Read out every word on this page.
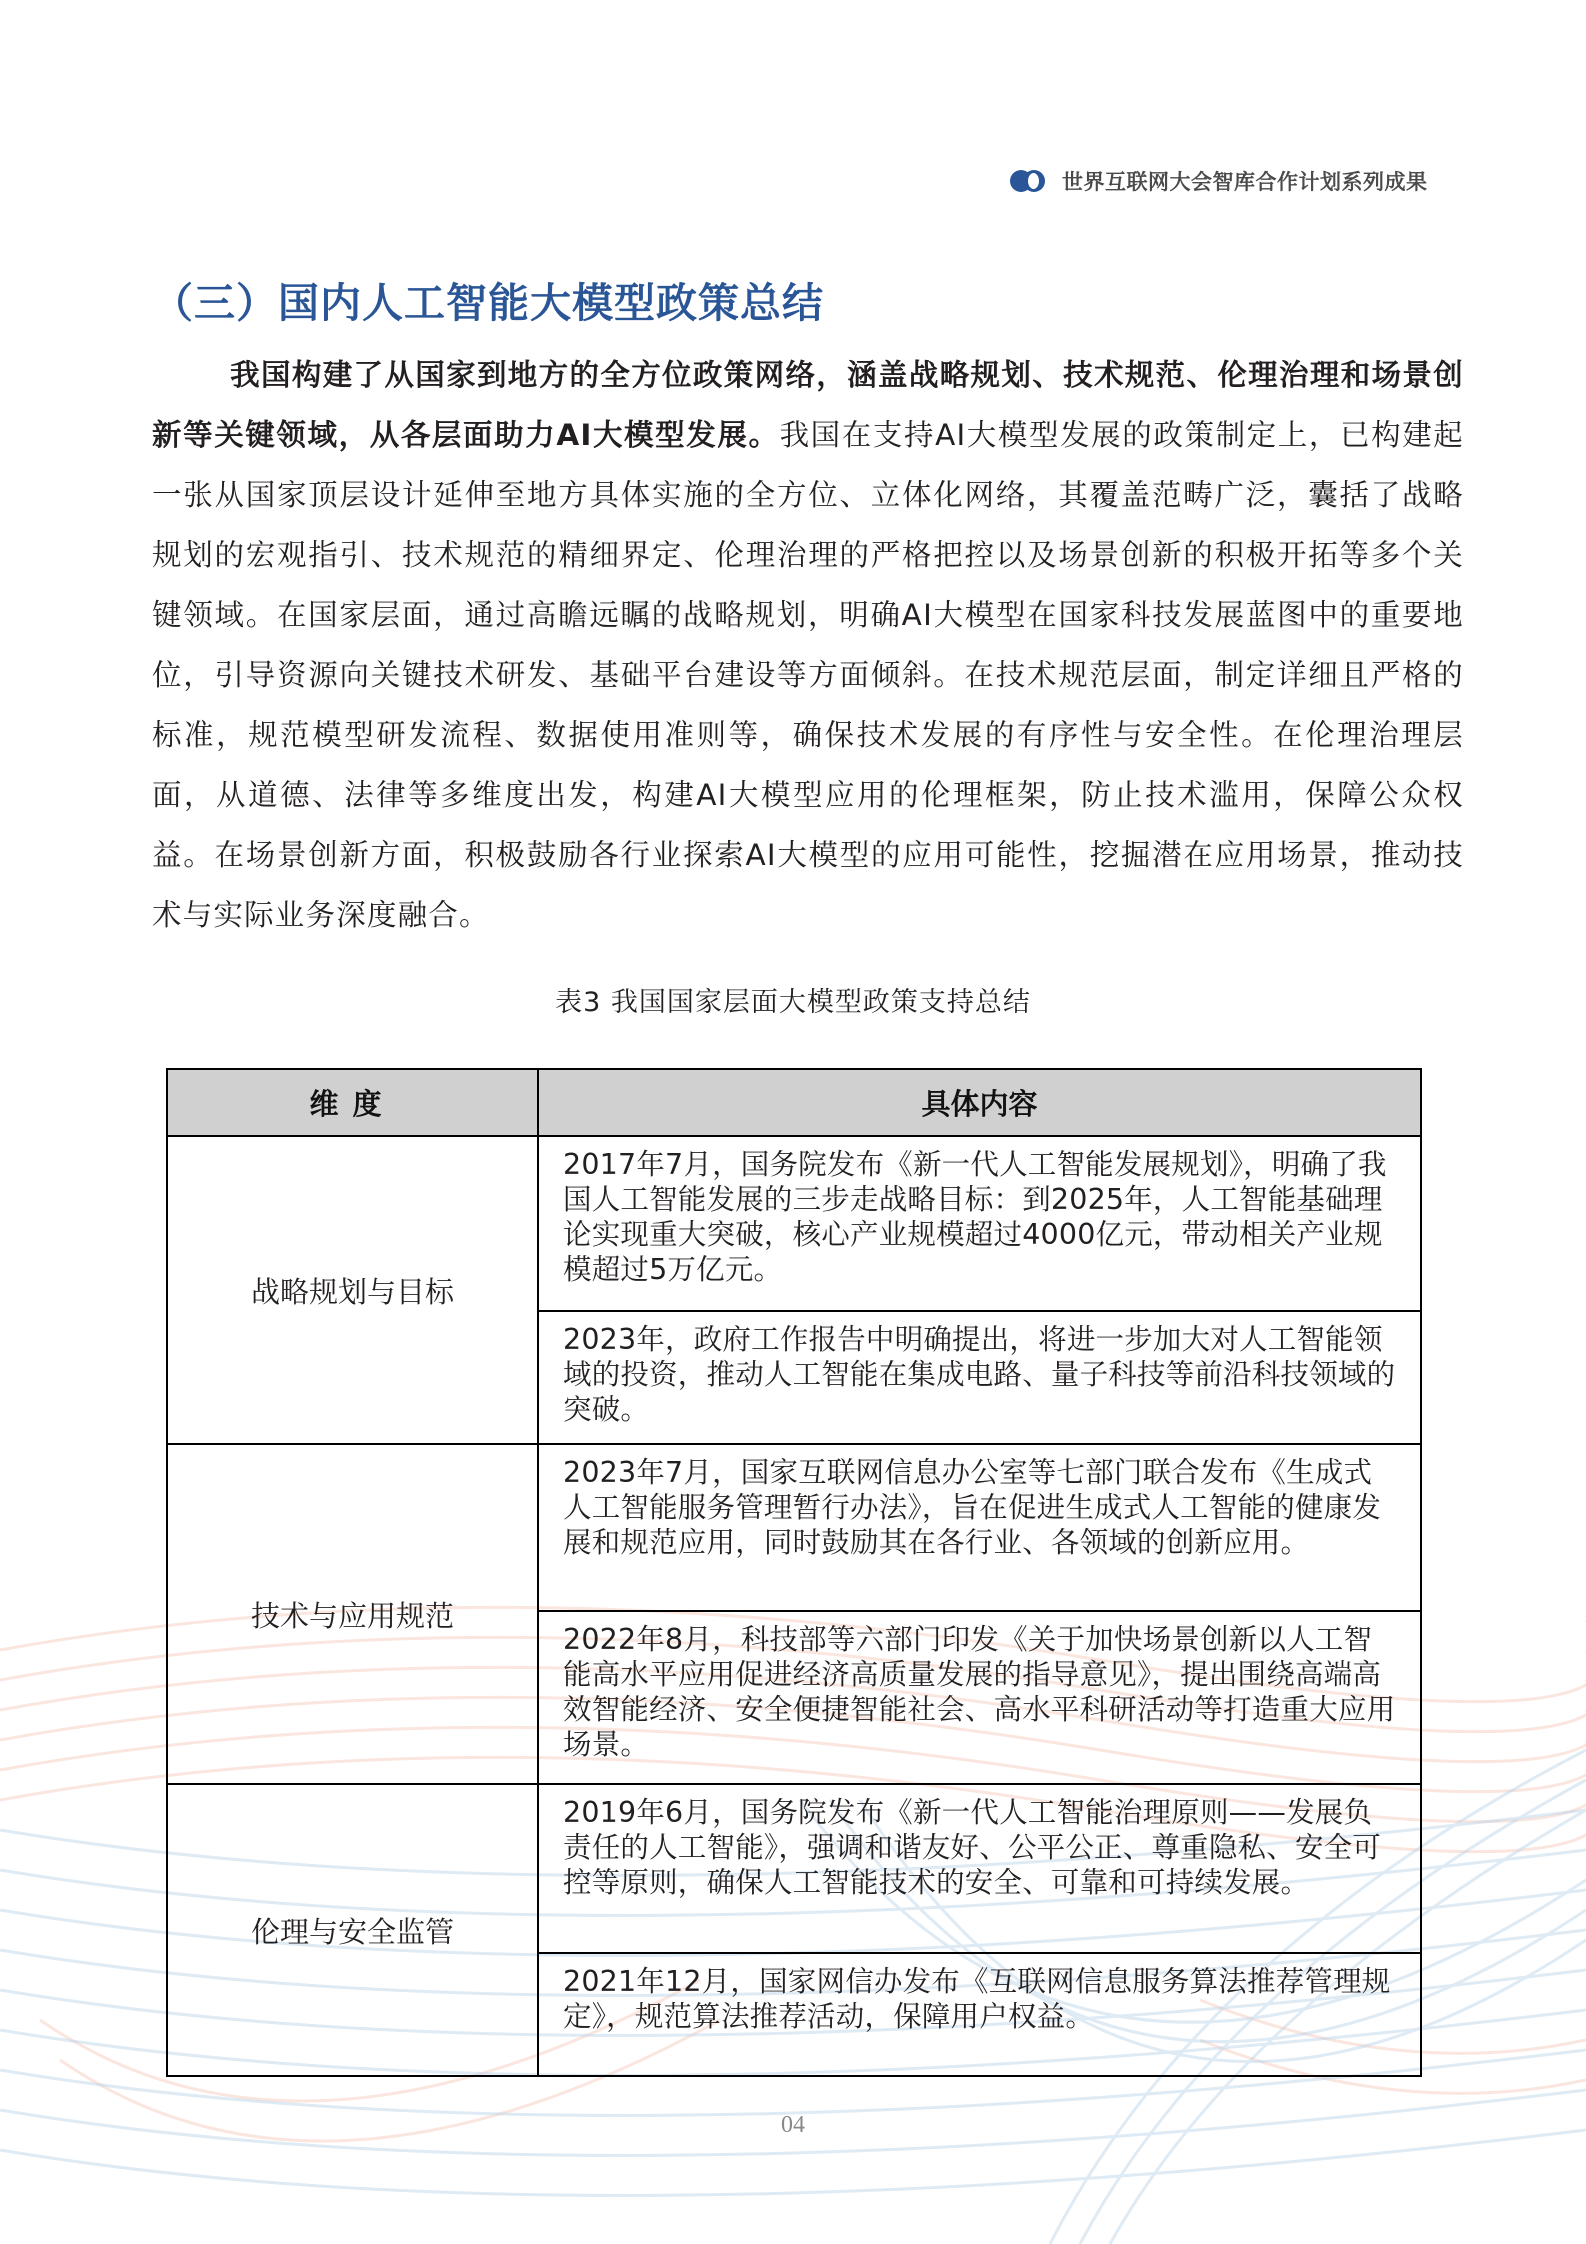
世界互联网大会智库合作计划系列成果
（三）国内人工智能大模型政策总结

我国构建了从国家到地方的全方位政策网络，涵盖战略规划、技术规范、伦理治理和场景创新等关键领域，从各层面助力AI大模型发展。我国在支持AI大模型发展的政策制定上，已构建起一张从国家顶层设计延伸至地方具体实施的全方位、立体化网络，其覆盖范畴广泛，囊括了战略规划的宏观指引、技术规范的精细界定、伦理治理的严格把控以及场景创新的积极开拓等多个关键领域。在国家层面，通过高瞻远瞩的战略规划，明确AI大模型在国家科技发展蓝图中的重要地位，引导资源向关键技术研发、基础平台建设等方面倾斜。在技术规范层面，制定详细且严格的标准，规范模型研发流程、数据使用准则等，确保技术发展的有序性与安全性。在伦理治理层面，从道德、法律等多维度出发，构建AI大模型应用的伦理框架，防止技术滥用，保障公众权益。在场景创新方面，积极鼓励各行业探索AI大模型的应用可能性，挖掘潜在应用场景，推动技术与实际业务深度融合。

表3 我国国家层面大模型政策支持总结
维度	具体内容
战略规划与目标	2017年7月，国务院发布《新一代人工智能发展规划》，明确了我国人工智能发展的三步走战略目标：到2025年，人工智能基础理论实现重大突破，核心产业规模超过4000亿元，带动相关产业规模超过5万亿元。
	2023年，政府工作报告中明确提出，将进一步加大对人工智能领域的投资，推动人工智能在集成电路、量子科技等前沿科技领域的突破。
技术与应用规范	2023年7月，国家互联网信息办公室等七部门联合发布《生成式人工智能服务管理暂行办法》，旨在促进生成式人工智能的健康发展和规范应用，同时鼓励其在各行业、各领域的创新应用。
	2022年8月，科技部等六部门印发《关于加快场景创新以人工智能高水平应用促进经济高质量发展的指导意见》，提出围绕高端高效智能经济、安全便捷智能社会、高水平科研活动等打造重大应用场景。
伦理与安全监管	2019年6月，国务院发布《新一代人工智能治理原则——发展负责任的人工智能》，强调和谐友好、公平公正、尊重隐私、安全可控等原则，确保人工智能技术的安全、可靠和可持续发展。
	2021年12月，国家网信办发布《互联网信息服务算法推荐管理规定》，规范算法推荐活动，保障用户权益。
04
